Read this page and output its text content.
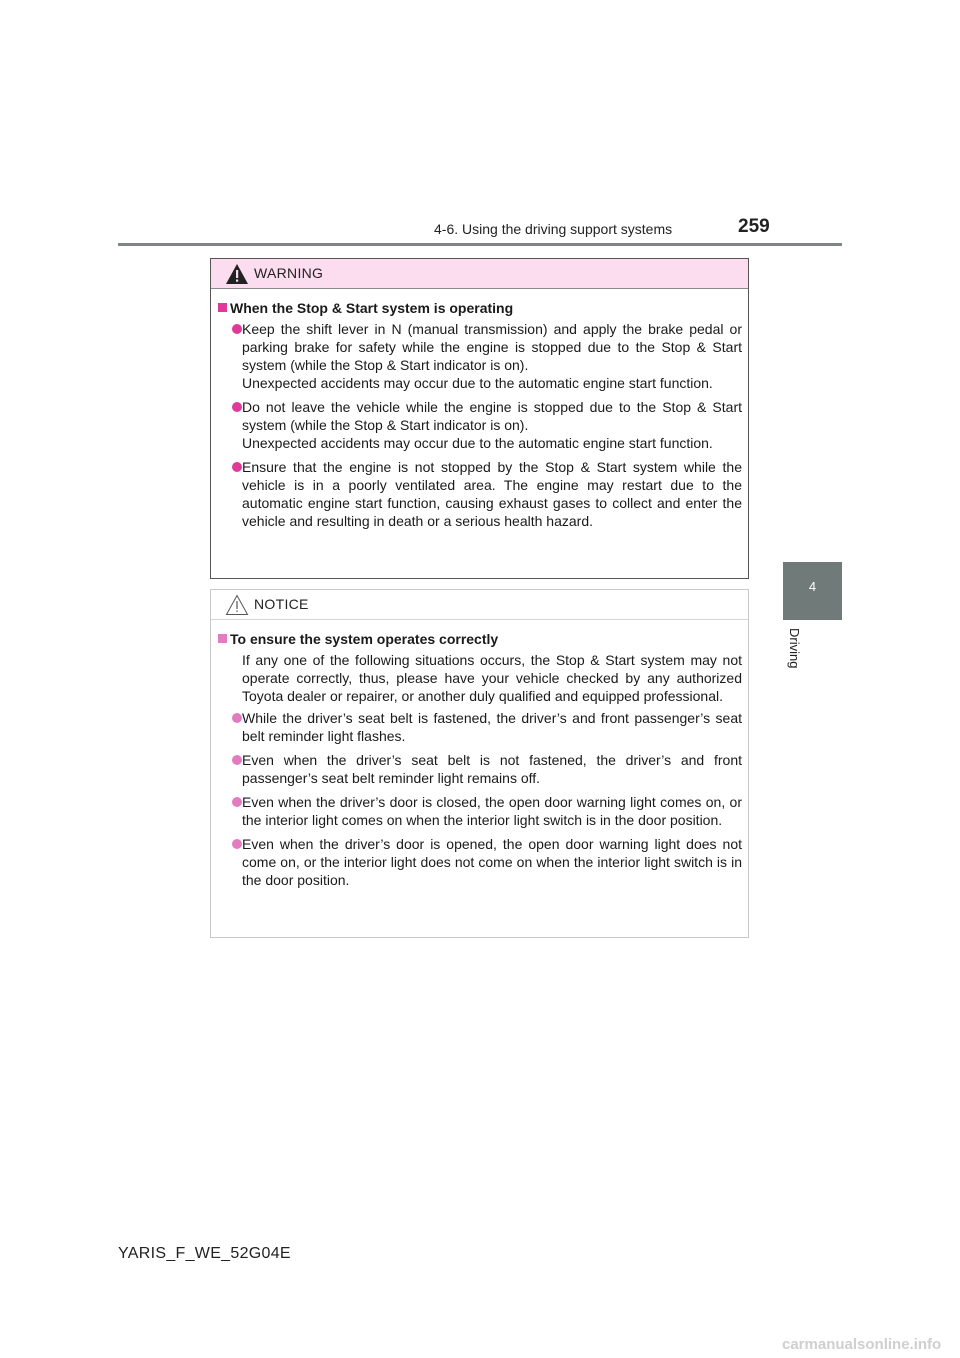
4-6. Using the driving support systems	259
4
Driving
WARNING
When the Stop & Start system is operating
Keep the shift lever in N (manual transmission) and apply the brake pedal or parking brake for safety while the engine is stopped due to the Stop & Start system (while the Stop & Start indicator is on).
Unexpected accidents may occur due to the automatic engine start function.
Do not leave the vehicle while the engine is stopped due to the Stop & Start system (while the Stop & Start indicator is on).
Unexpected accidents may occur due to the automatic engine start function.
Ensure that the engine is not stopped by the Stop & Start system while the vehicle is in a poorly ventilated area. The engine may restart due to the automatic engine start function, causing exhaust gases to collect and enter the vehicle and resulting in death or a serious health hazard.
NOTICE
To ensure the system operates correctly
If any one of the following situations occurs, the Stop & Start system may not operate correctly, thus, please have your vehicle checked by any authorized Toyota dealer or repairer, or another duly qualified and equipped professional.
While the driver’s seat belt is fastened, the driver’s and front passenger’s seat belt reminder light flashes.
Even when the driver’s seat belt is not fastened, the driver’s and front passenger’s seat belt reminder light remains off.
Even when the driver’s door is closed, the open door warning light comes on, or the interior light comes on when the interior light switch is in the door position.
Even when the driver’s door is opened, the open door warning light does not come on, or the interior light does not come on when the interior light switch is in the door position.
YARIS_F_WE_52G04E
carmanualsonline.info
